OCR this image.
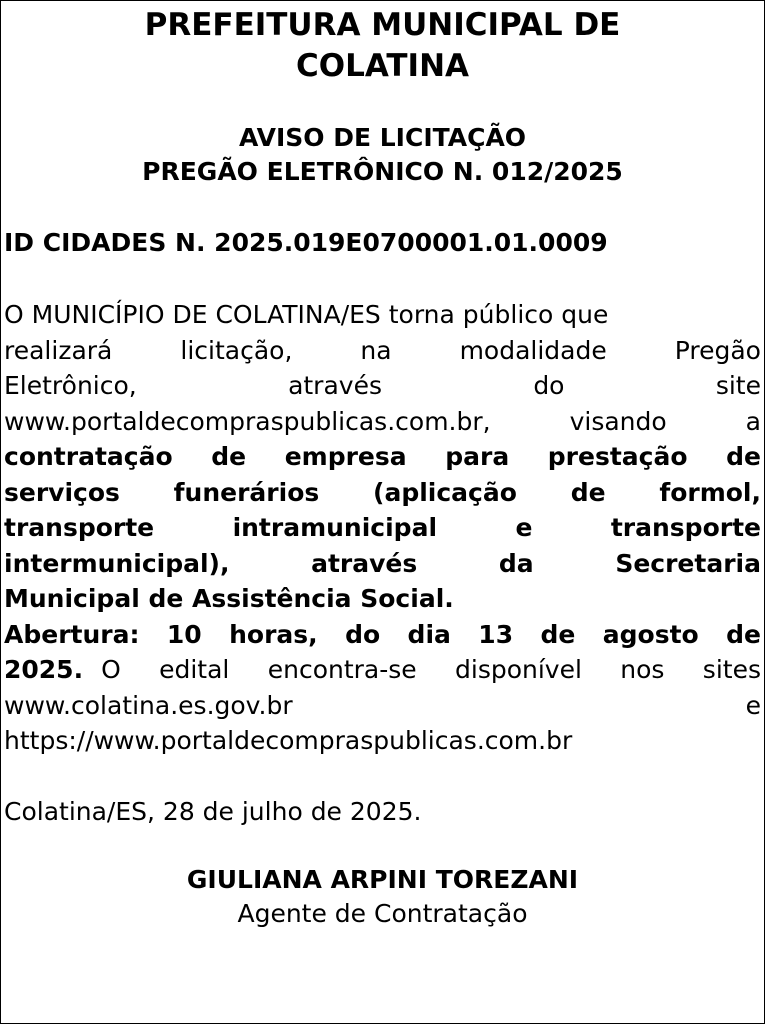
PREFEITURA MUNICIPAL DE
COLATINA
AVISO DE LICITAÇÃO
PREGÃO ELETRÔNICO N. 012/2025
ID CIDADES N. 2025.019E0700001.01.0009
O MUNICÍPIO DE COLATINA/ES torna público que
realizará	licitação,	na	modalidade	Pregão
Eletrônico,	através	do	site
www.portaldecompraspublicas.com.br,	visando	a
contratação de empresa para prestação de
serviços funerários (aplicação de formol,
transporte	intramunicipal	e	transporte
intermunicipal),	através	da	Secretaria
Municipal de Assistência Social.
Abertura: 10 horas, do dia 13 de agosto de
2025. O edital encontra-se disponível nos sites
www.colatina.es.gov.br	e
https://www.portaldecompraspublicas.com.br
Colatina/ES, 28 de julho de 2025.
GIULIANA ARPINI TOREZANI
Agente de Contratação
